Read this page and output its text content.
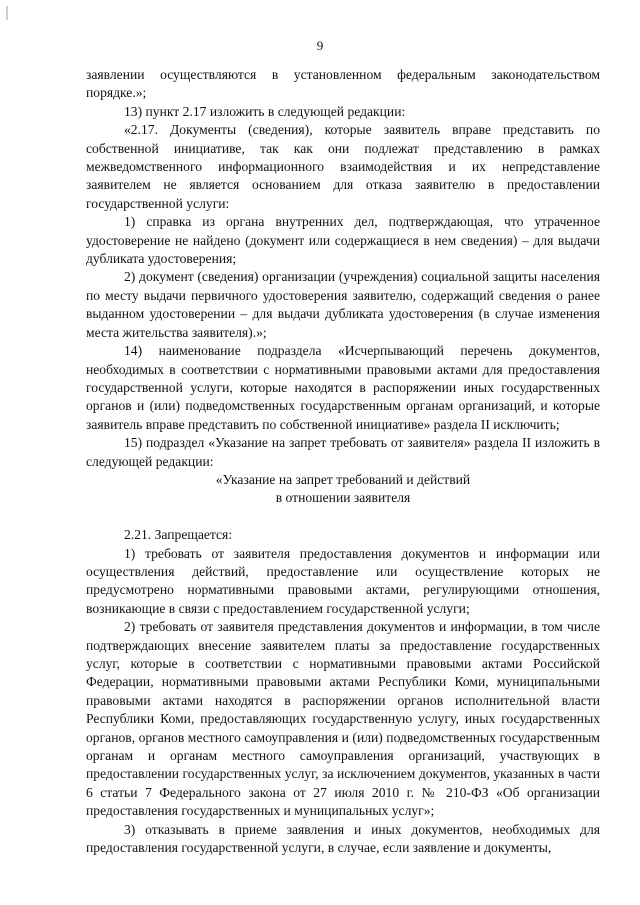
9

заявлении осуществляются в установленном федеральным законодательством порядке.»;

13) пункт 2.17 изложить в следующей редакции:

«2.17. Документы (сведения), которые заявитель вправе представить по собственной инициативе, так как они подлежат представлению в рамках межведомственного информационного взаимодействия и их непредставление заявителем не является основанием для отказа заявителю в предоставлении государственной услуги:

1) справка из органа внутренних дел, подтверждающая, что утраченное удостоверение не найдено (документ или содержащиеся в нем сведения) – для выдачи дубликата удостоверения;

2) документ (сведения) организации (учреждения) социальной защиты населения по месту выдачи первичного удостоверения заявителю, содержащий сведения о ранее выданном удостоверении – для выдачи дубликата удостоверения (в случае изменения места жительства заявителя).»;

14) наименование подраздела «Исчерпывающий перечень документов, необходимых в соответствии с нормативными правовыми актами для предоставления государственной услуги, которые находятся в распоряжении иных государственных органов и (или) подведомственных государственным органам организаций, и которые заявитель вправе представить по собственной инициативе» раздела II исключить;

15) подраздел «Указание на запрет требовать от заявителя» раздела II изложить в следующей редакции:

«Указание на запрет требований и действий

в отношении заявителя

2.21. Запрещается:

1) требовать от заявителя предоставления документов и информации или осуществления действий, предоставление или осуществление которых не предусмотрено нормативными правовыми актами, регулирующими отношения, возникающие в связи с предоставлением государственной услуги;

2) требовать от заявителя представления документов и информации, в том числе подтверждающих внесение заявителем платы за предоставление государственных услуг, которые в соответствии с нормативными правовыми актами Российской Федерации, нормативными правовыми актами Республики Коми, муниципальными правовыми актами находятся в распоряжении органов исполнительной власти Республики Коми, предоставляющих государственную услугу, иных государственных органов, органов местного самоуправления и (или) подведомственных государственным органам и органам местного самоуправления организаций, участвующих в предоставлении государственных услуг, за исключением документов, указанных в части 6 статьи 7 Федерального закона от 27 июля 2010 г. № 210-ФЗ «Об организации предоставления государственных и муниципальных услуг»;

3) отказывать в приеме заявления и иных документов, необходимых для предоставления государственной услуги, в случае, если заявление и документы,
